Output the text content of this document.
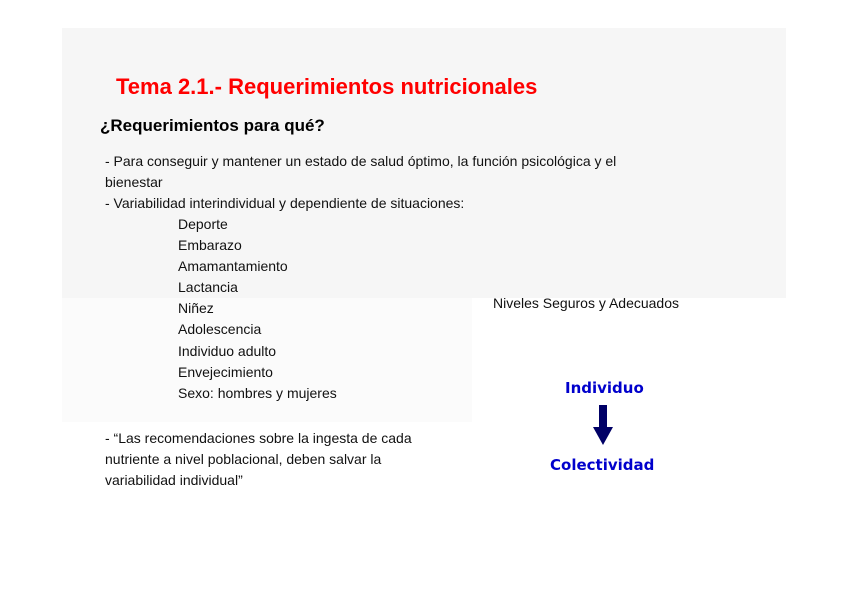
Tema 2.1.- Requerimientos nutricionales
¿Requerimientos para qué?
- Para conseguir y mantener un estado de salud óptimo, la función psicológica y el
bienestar
- Variabilidad interindividual y dependiente de situaciones:
Deporte
Embarazo
Amamantamiento
Lactancia
Niñez
Adolescencia
Individuo adulto
Envejecimiento
Sexo: hombres y mujeres
- “Las recomendaciones sobre la ingesta de cada
nutriente a nivel poblacional, deben salvar la
variabilidad individual”
Niveles Seguros y Adecuados
Individuo
Colectividad
